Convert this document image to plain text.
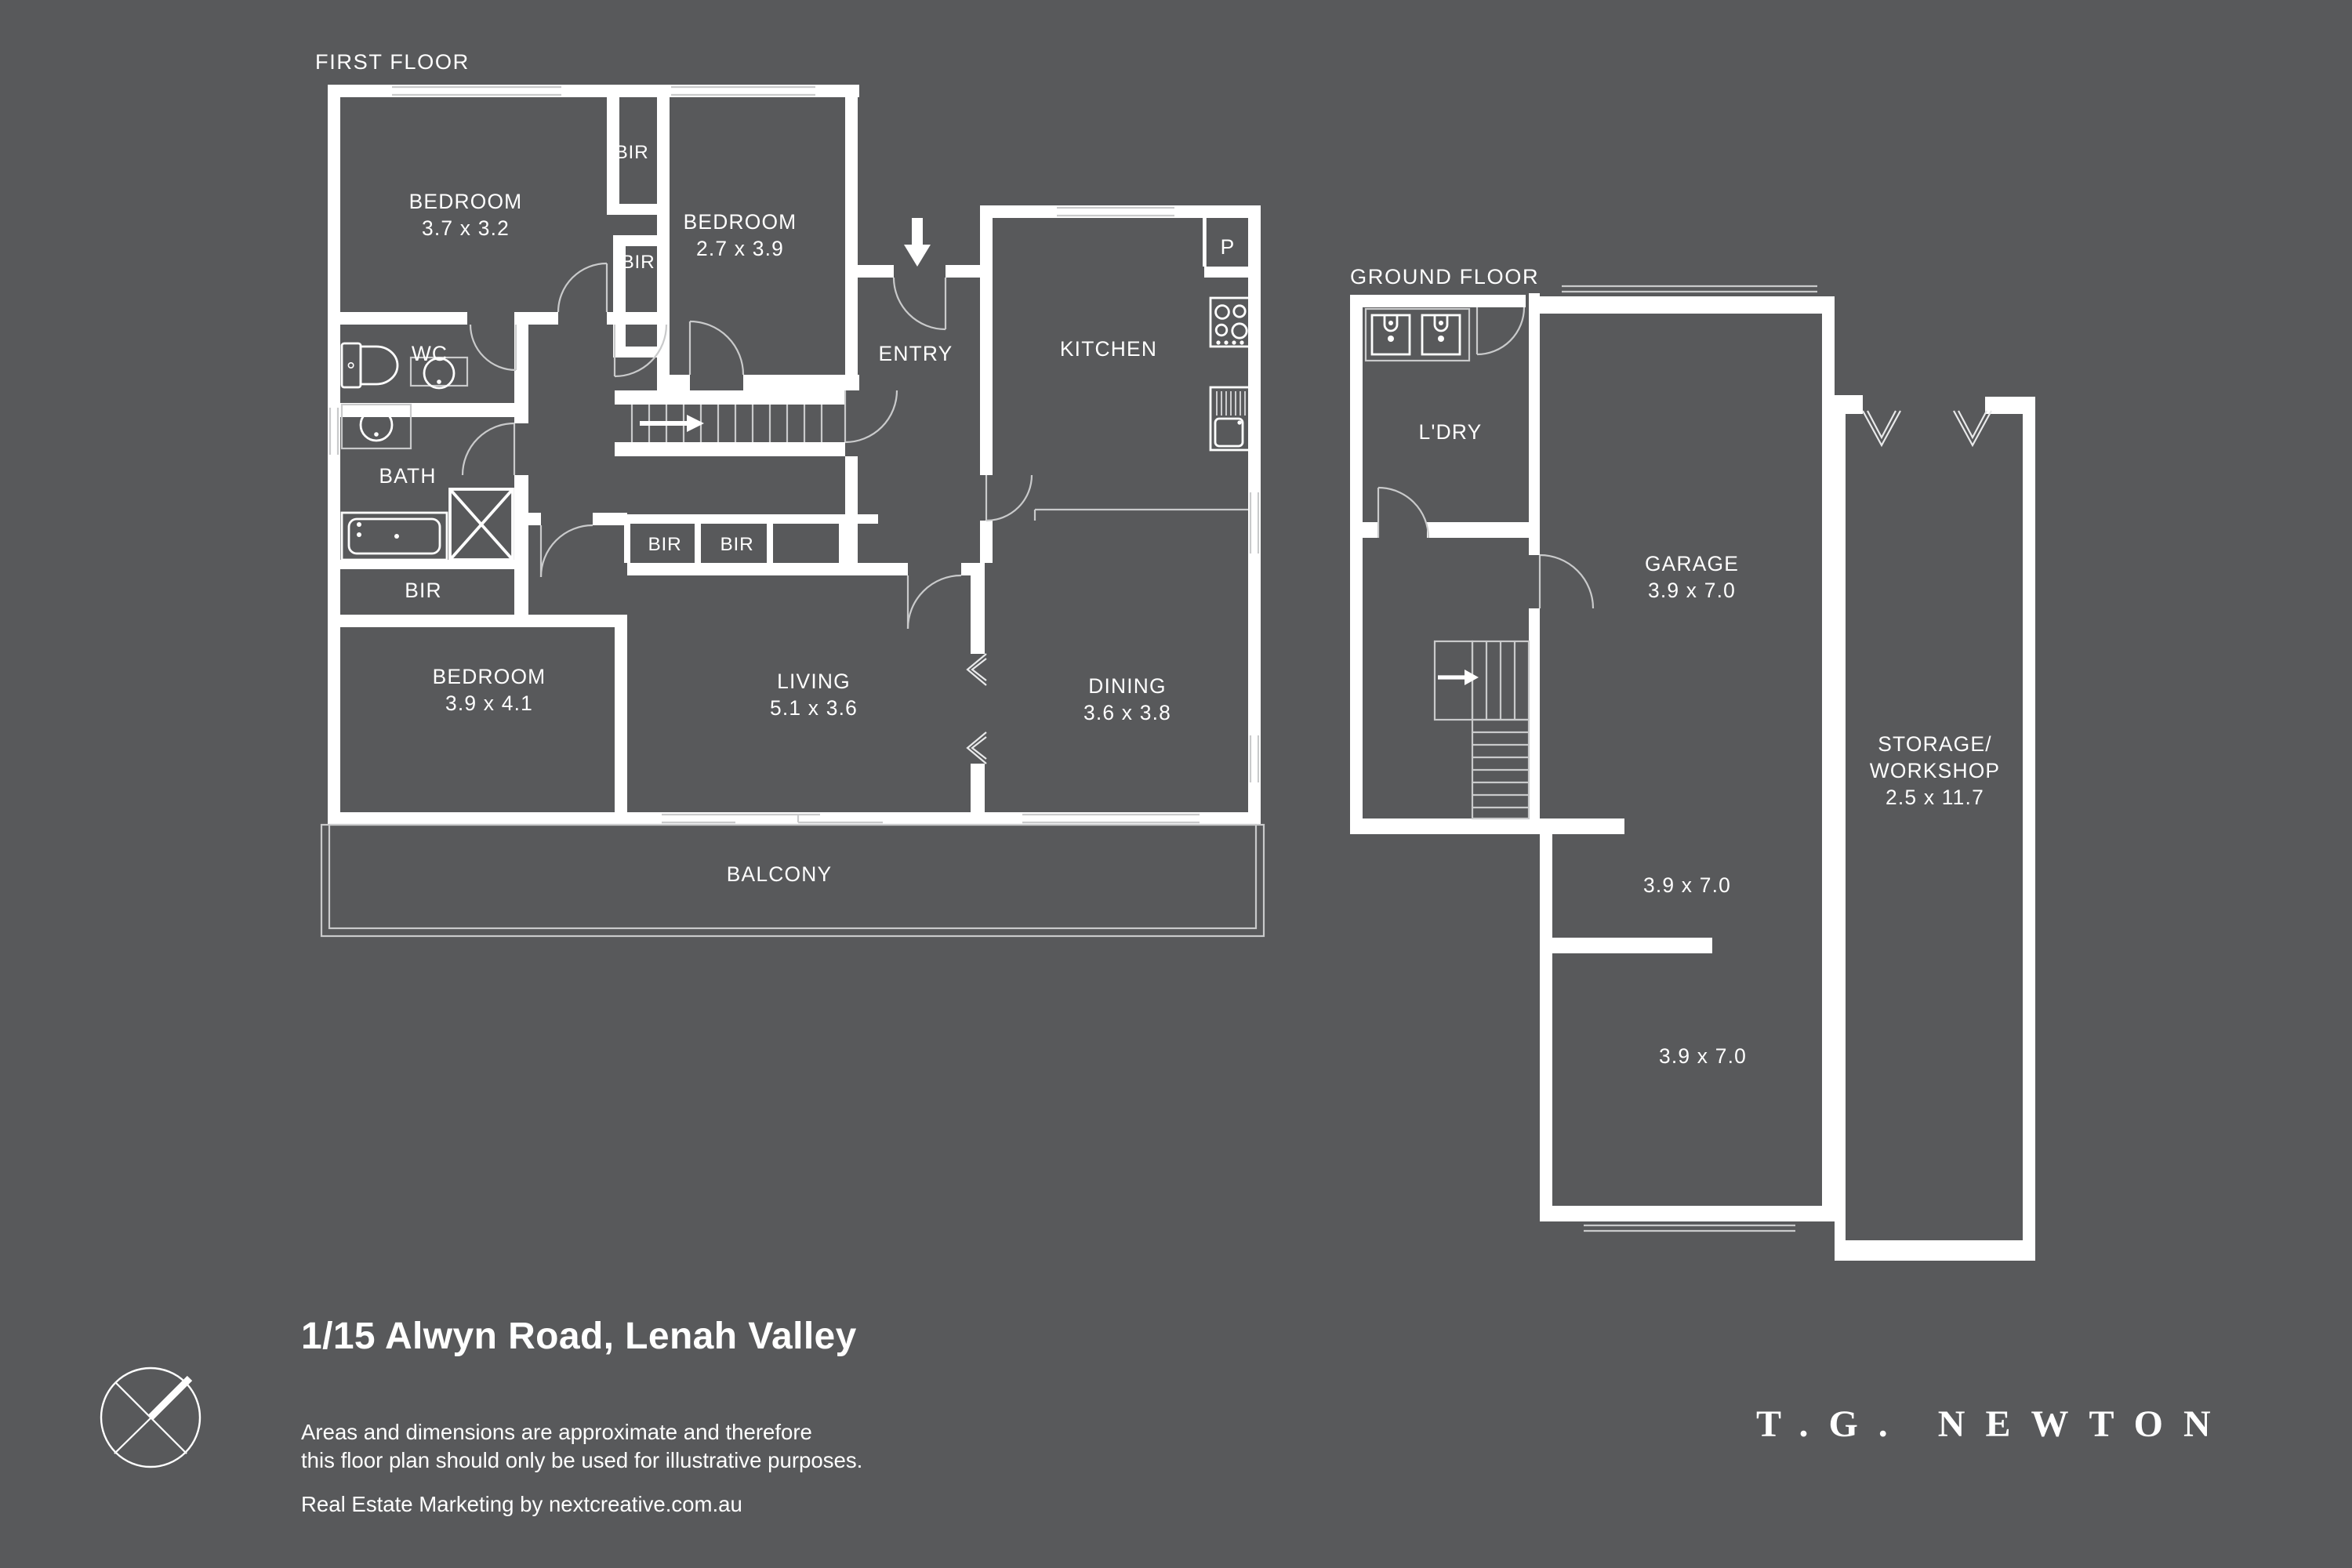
FIRST FLOOR
BEDROOM
3.7 x 3.2
BIR
BIR
BEDROOM
2.7 x 3.9
ENTRY	KITCHEN
P
WC
BATH
BIR
BEDROOM
3.9 x 4.1
BIR	BIR
LIVING
5.1 x 3.6
DINING
3.6 x 3.8
BALCONY
GROUND FLOOR
L'DRY
GARAGE
3.9 x 7.0
3.9 x 7.0
3.9 x 7.0
STORAGE/
WORKSHOP
2.5 x 11.7
1/15 Alwyn Road, Lenah Valley
Areas and dimensions are approximate and therefore
this floor plan should only be used for illustrative purposes.
Real Estate Marketing by nextcreative.com.au
T.G. NEWTON
